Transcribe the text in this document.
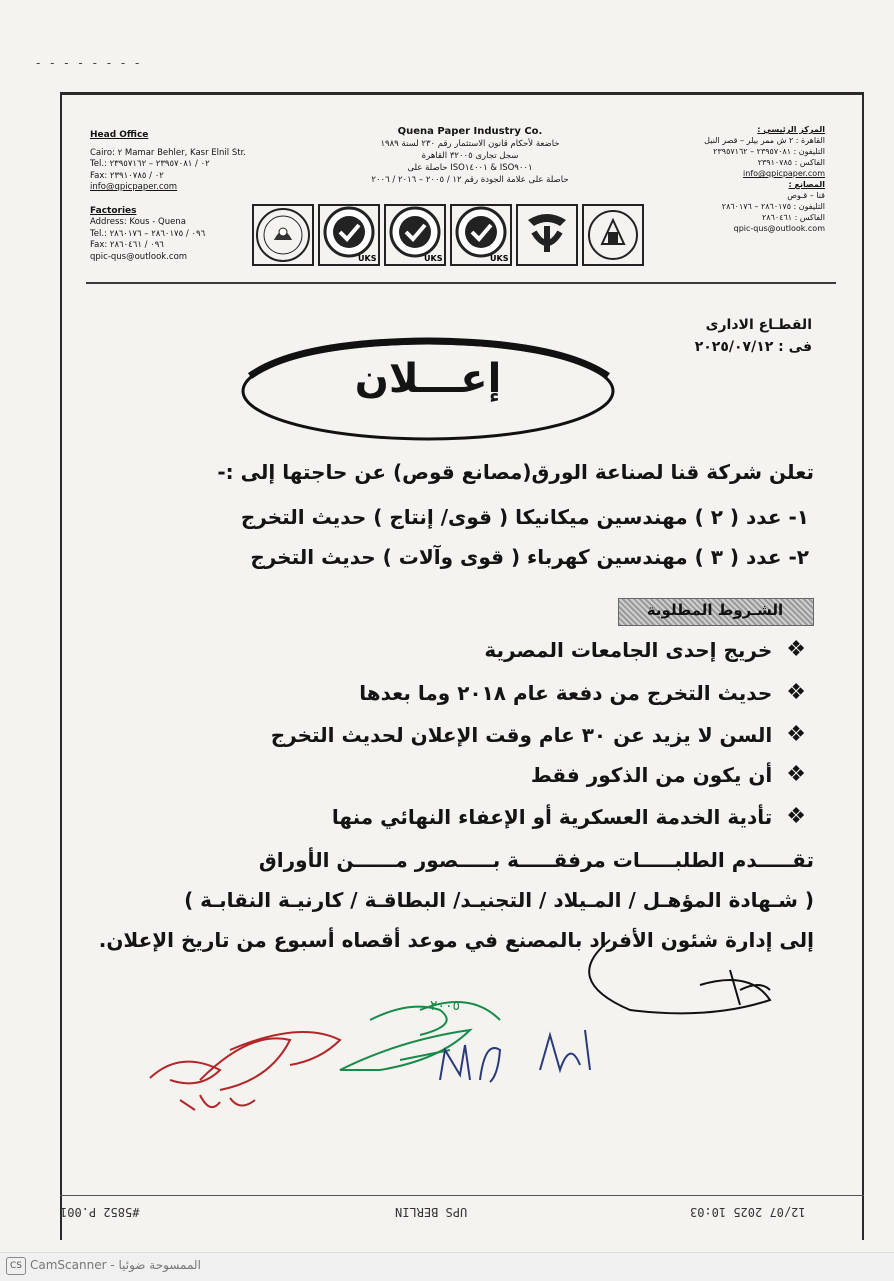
- - - - - - - -
Head Office
Cairo: ٢ Mamar Behler, Kasr Elnil Str.
Tel.: ٠٢ / ٢٣٩٥٧٠٨١ – ٢٣٩٥٧١٦٢
Fax: ٠٢ / ٢٣٩١٠٧٨٥
info@qpicpaper.com
Factories
Address: Kous - Quena
Tel.: ٠٩٦ / ٢٨٦٠١٧٥ – ٢٨٦٠١٧٦
Fax: ٠٩٦ / ٢٨٦٠٤٦١
qpic-qus@outlook.com
Quena Paper Industry Co.
خاضعة لأحكام قانون الاستثمار رقم ٢٣٠ لسنة ١٩٨٩
سجل تجارى ٣٢٠٠٥ القاهرة
حاصلة على ISO١٤٠٠١ & ISO٩٠٠١
حاصلة على علامة الجودة رقم ١٢ / ٢٠٠٥ – ٢٠١٦ / ٢٠٠٦
المركز الرئيسي :
القاهرة : ٢ ش ممر بيلر – قصر النيل
التليفون : ٢٣٩٥٧٠٨١ – ٢٣٩٥٧١٦٢
الفاكس : ٢٣٩١٠٧٨٥
info@qpicpaper.com
المصانع :
قنا – قـوص
التليفون : ٢٨٦٠١٧٥ – ٢٨٦٠١٧٦
الفاكس : ٢٨٦٠٤٦١
qpic-qus@outlook.com
UKS	UKS	UKS
القطـاع الادارى
فى : ٢٠٢٥/٠٧/١٢
إعـــلان
تعلن شركة قنا لصناعة الورق(مصانع قوص) عن حاجتها إلى :-
١- عدد ( ٢ ) مهندسين ميكانيكا ( قوى/ إنتاج ) حديث التخرج
٢- عدد ( ٣ ) مهندسين كهرباء ( قوى وآلات ) حديث التخرج
الشـروط المطلوبة
❖
خريج إحدى الجامعات المصرية
❖
حديث التخرج من دفعة عام ٢٠١٨ وما بعدها
❖
السن لا يزيد عن ٣٠ عام وقت الإعلان لحديث التخرج
❖
أن يكون من الذكور فقط
❖
تأدية الخدمة العسكرية أو الإعفاء النهائي منها
تقـــــدم الطلبـــــات مرفقـــــة بـــــصور مــــــن الأوراق
( شـهادة المؤهـل / المـيلاد / التجنيـد/ البطاقـة / كارنيـة النقابـة )
إلى إدارة شئون الأفراد بالمصنع في موعد أقصاه أسبوع من تاريخ الإعلان.
٢٠٠٥
#5852 P.001	UPS BERLIN	12/07 2025 10:03
CS CamScanner - الممسوحة ضوئيا
